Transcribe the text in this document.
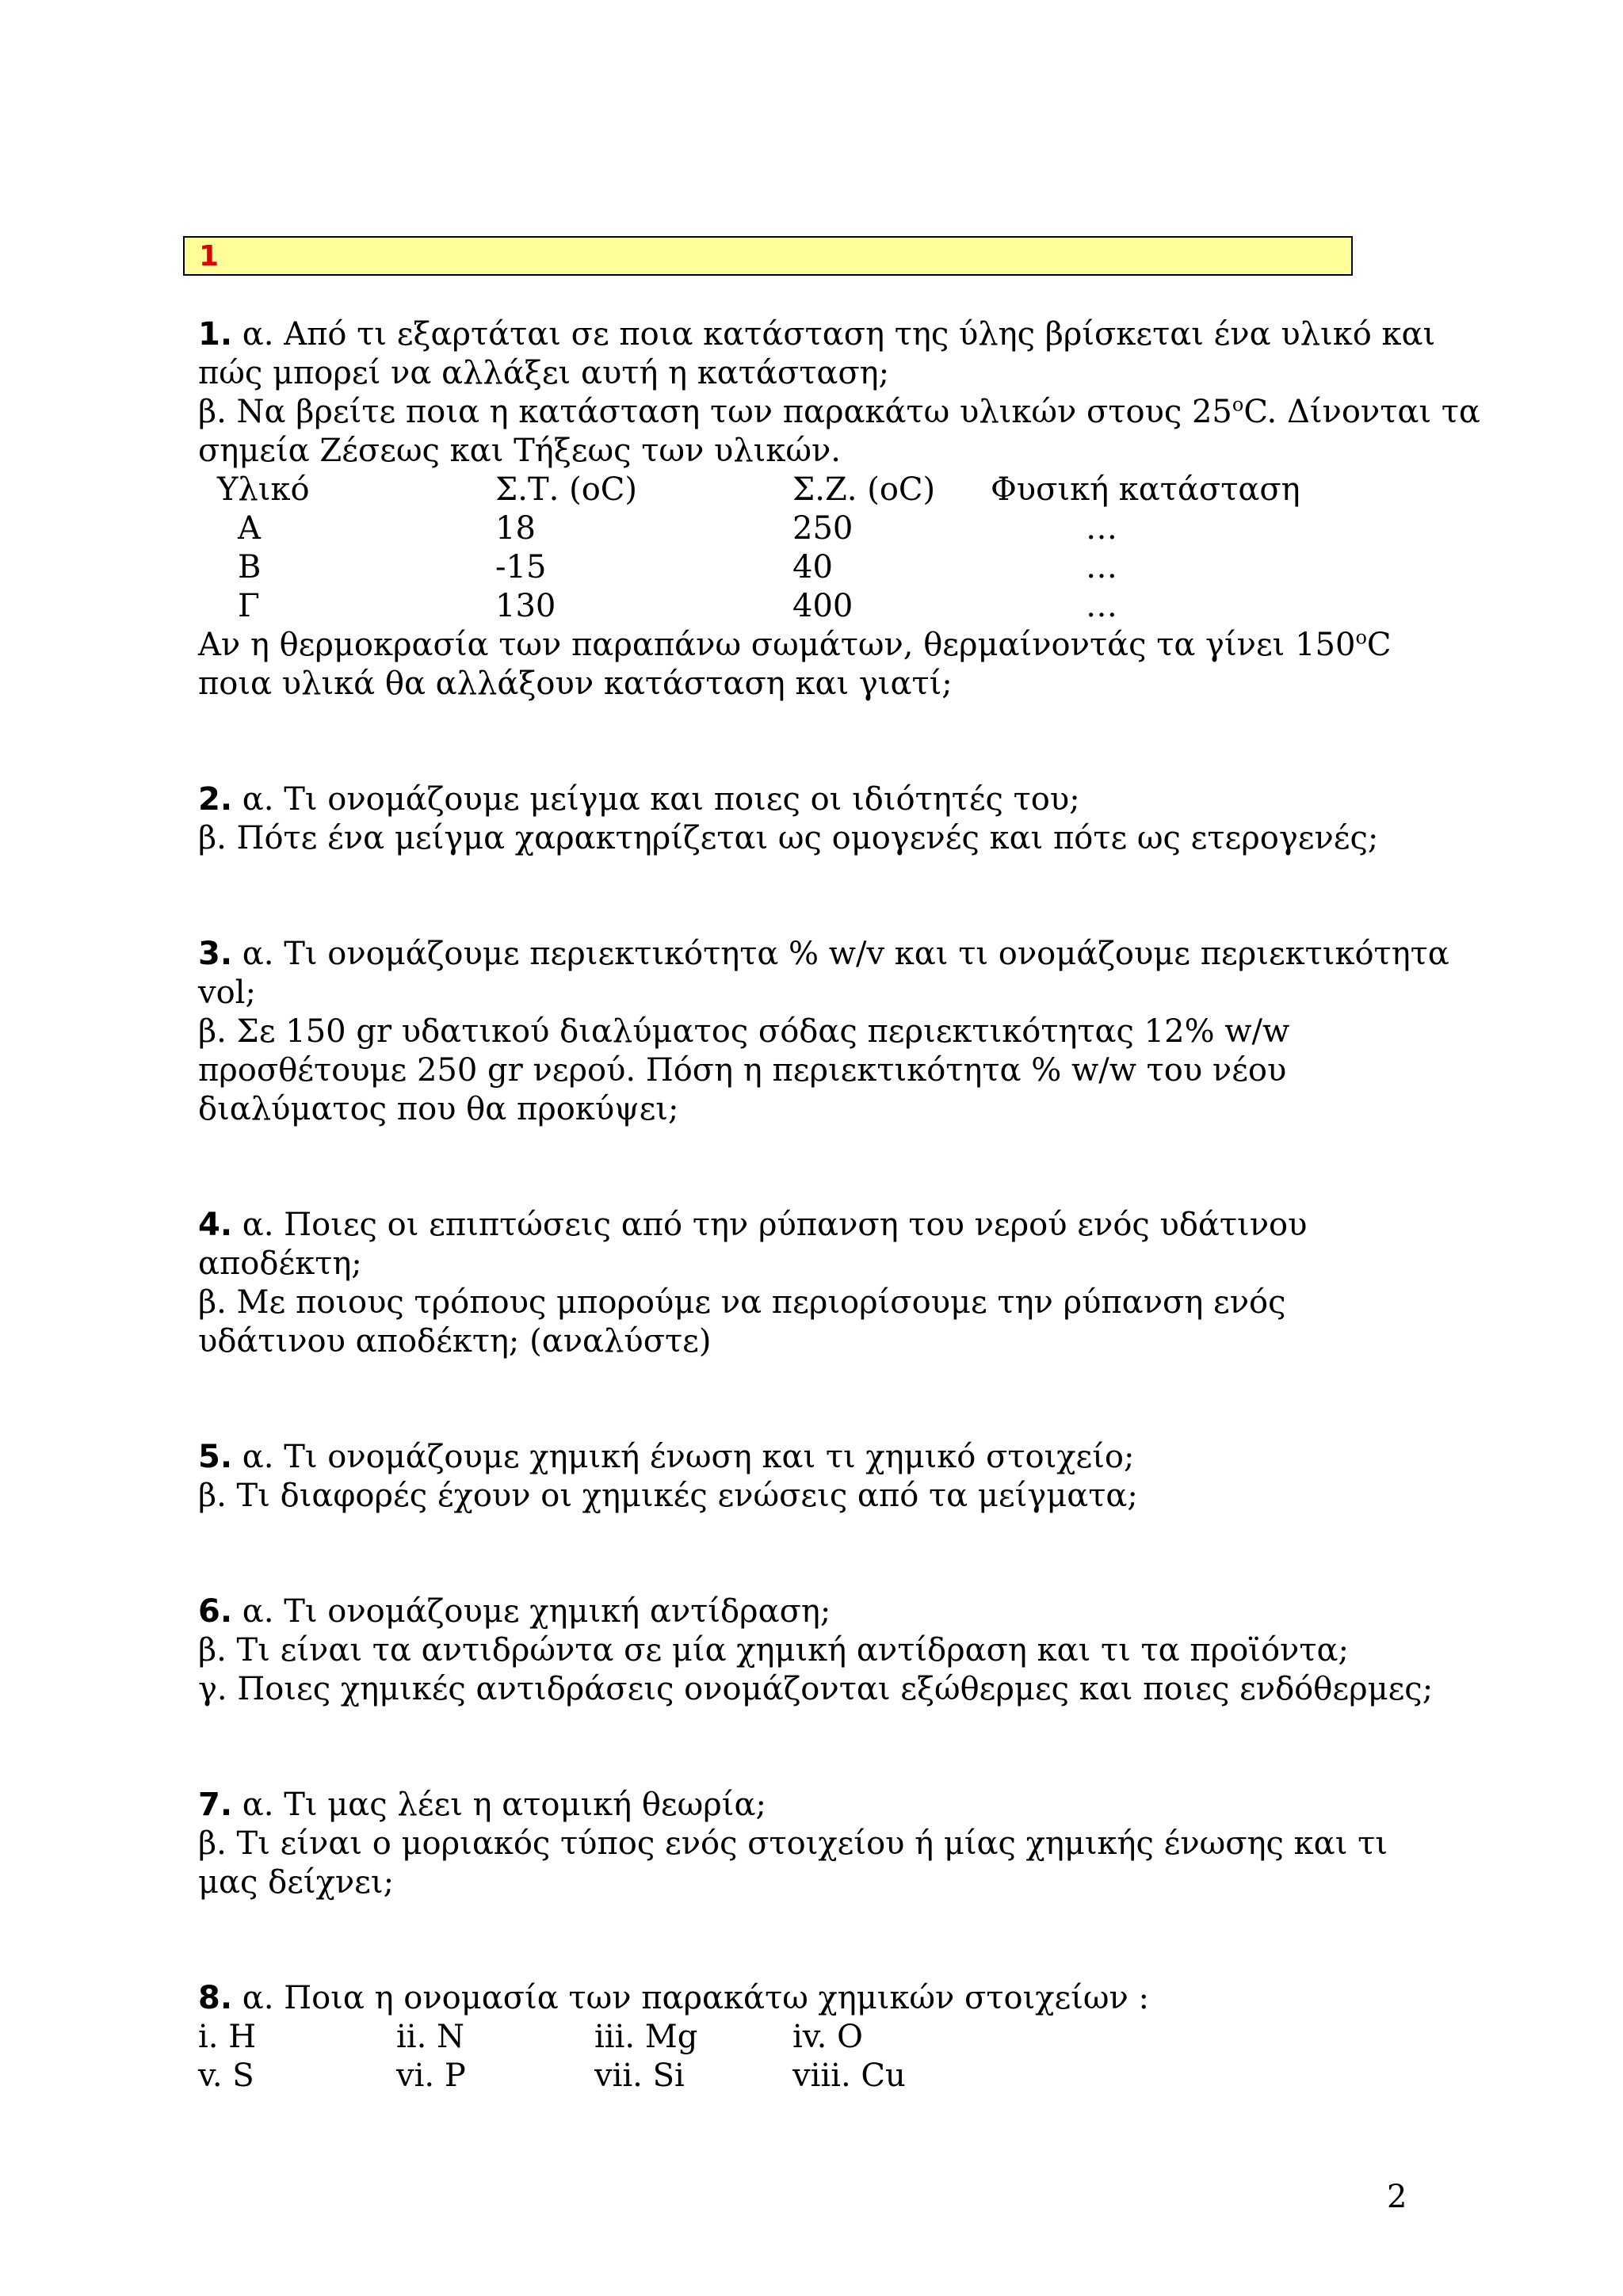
1
1. α. Από τι εξαρτάται σε ποια κατάσταση της ύλης βρίσκεται ένα υλικό και
πώς μπορεί να αλλάξει αυτή η κατάσταση;
β. Να βρείτε ποια η κατάσταση των παρακάτω υλικών στους $25^oC$. Δίνονται τα
σημεία Ζέσεως και Τήξεως των υλικών.
Υλικό	Σ.Τ. (oC)	Σ.Ζ. (oC) Φυσική κατάσταση
Α	18	250	…
Β	-15	40	…
Γ	130	400	…
Αν η θερμοκρασία των παραπάνω σωμάτων, θερμαίνοντάς τα γίνει $150^oC$
ποια υλικά θα αλλάξουν κατάσταση και γιατί;
2. α. Τι ονομάζουμε μείγμα και ποιες οι ιδιότητές του;
β. Πότε ένα μείγμα χαρακτηρίζεται ως ομογενές και πότε ως ετερογενές;
3. α. Τι ονομάζουμε περιεκτικότητα % w/v και τι ονομάζουμε περιεκτικότητα
vol;
β. Σε 150 gr υδατικού διαλύματος σόδας περιεκτικότητας 12% w/w
προσθέτουμε 250 gr νερού. Πόση η περιεκτικότητα % w/w του νέου
διαλύματος που θα προκύψει;
4. α. Ποιες οι επιπτώσεις από την ρύπανση του νερού ενός υδάτινου
αποδέκτη;
β. Με ποιους τρόπους μπορούμε να περιορίσουμε την ρύπανση ενός
υδάτινου αποδέκτη; (αναλύστε)
5. α. Τι ονομάζουμε χημική ένωση και τι χημικό στοιχείο;
β. Τι διαφορές έχουν οι χημικές ενώσεις από τα μείγματα;
6. α. Τι ονομάζουμε χημική αντίδραση;
β. Τι είναι τα αντιδρώντα σε μία χημική αντίδραση και τι τα προϊόντα;
γ. Ποιες χημικές αντιδράσεις ονομάζονται εξώθερμες και ποιες ενδόθερμες;
7. α. Τι μας λέει η ατομική θεωρία;
β. Τι είναι ο μοριακός τύπος ενός στοιχείου ή μίας χημικής ένωσης και τι
μας δείχνει;
8. α. Ποια η ονομασία των παρακάτω χημικών στοιχείων :
i. H	ii. N	iii. Mg	iv. O
v. S	vi. P	vii. Si	viii. Cu
2
